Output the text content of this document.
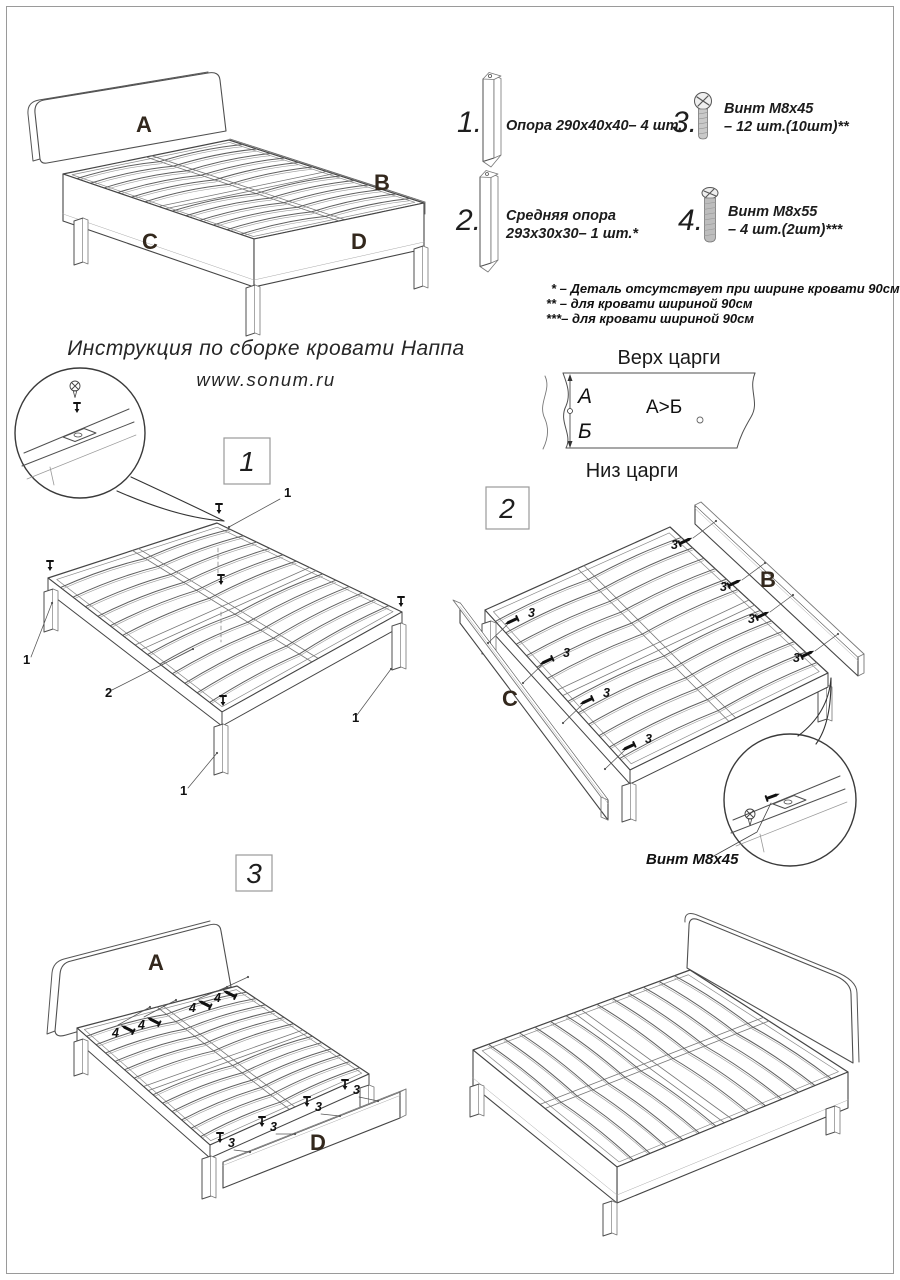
Инструкция по сборке кровати Наппа
www.sonum.ru
A
B
C	D
1. Опора 290х40х40– 4 шт.
2. Средняя опора
293х30х30– 1 шт.*
3. Винт М8х45
– 12 шт.(10шт)**
4. Винт М8х55
– 4 шт.(2шт)***
* – Деталь отсутствует при ширине кровати 90см
** – для кровати шириной 90см
***– для кровати шириной 90см
Верх царги
Низ царги
А
Б
А>Б
1
2
3
1
1
2
1
1
B
C
Винт М8х45
3
3
3
3
3
3
3
3
A
D
4
4
4
4
3
3
3
3
